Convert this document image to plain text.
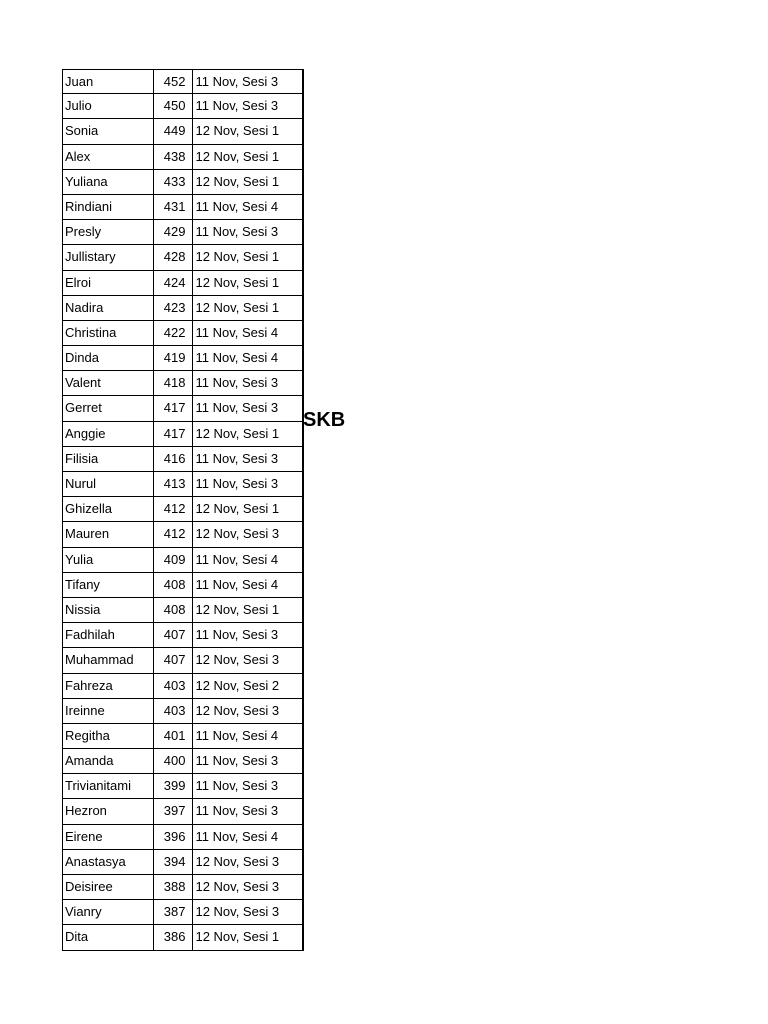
Juan	452 11 Nov, Sesi 3
Julio	450 11 Nov, Sesi 3
Sonia	449 12 Nov, Sesi 1
Alex	438 12 Nov, Sesi 1
Yuliana	433 12 Nov, Sesi 1
Rindiani	431 11 Nov, Sesi 4
Presly	429 11 Nov, Sesi 3
Jullistary	428 12 Nov, Sesi 1
Elroi	424 12 Nov, Sesi 1
Nadira	423 12 Nov, Sesi 1
Christina	422 11 Nov, Sesi 4
Dinda	419 11 Nov, Sesi 4
Valent	418 11 Nov, Sesi 3
Gerret	417 11 Nov, Sesi 3
Anggie	417 12 Nov, Sesi 1
Filisia	416 11 Nov, Sesi 3
Nurul	413 11 Nov, Sesi 3
Ghizella	412 12 Nov, Sesi 1
Mauren	412 12 Nov, Sesi 3
Yulia	409 11 Nov, Sesi 4
Tifany	408 11 Nov, Sesi 4
Nissia	408 12 Nov, Sesi 1
Fadhilah	407 11 Nov, Sesi 3
Muhammad	407 12 Nov, Sesi 3
Fahreza	403 12 Nov, Sesi 2
Ireinne	403 12 Nov, Sesi 3
Regitha	401 11 Nov, Sesi 4
Amanda	400 11 Nov, Sesi 3
Trivianitami	399 11 Nov, Sesi 3
Hezron	397 11 Nov, Sesi 3
Eirene	396 11 Nov, Sesi 4
Anastasya	394 12 Nov, Sesi 3
Deisiree	388 12 Nov, Sesi 3
Vianry	387 12 Nov, Sesi 3
Dita	386 12 Nov, Sesi 1
SKB
